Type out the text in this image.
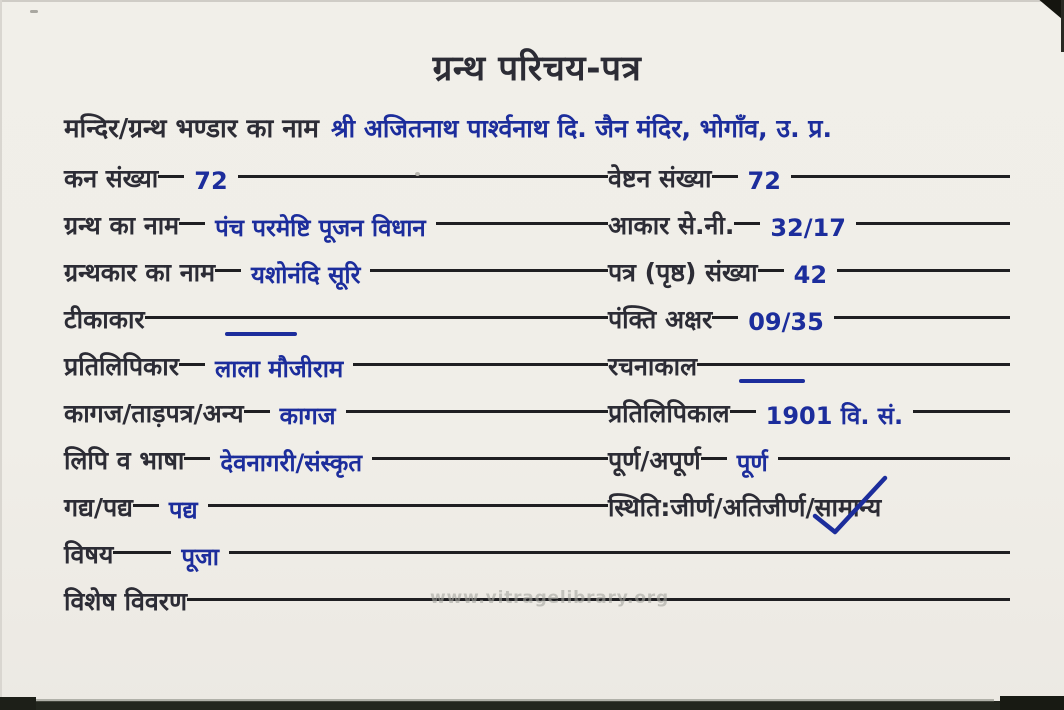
ग्रन्थ परिचय-पत्र
मन्दिर/ग्रन्थ भण्डार का नाम श्री अजितनाथ पार्श्वनाथ दि. जैन मंदिर, भोगाँव, उ. प्र.
कन संख्या 72	वेष्टन संख्या 72
ग्रन्थ का नाम पंच परमेष्टि पूजन विधान	आकार से.नी. 32/17
ग्रन्थकार का नाम यशोनंदि सूरि	पत्र (पृष्ठ) संख्या 42
टीकाकार	पंक्ति अक्षर 09/35
प्रतिलिपिकार लाला मौजीराम	रचनाकाल
कागज/ताड़पत्र/अन्य कागज	प्रतिलिपिकाल 1901 वि. सं.
लिपि व भाषा देवनागरी/संस्कृत	पूर्ण/अपूर्ण पूर्ण
गद्य/पद्य पद्य	स्थिति:जीर्ण/अतिजीर्ण/ सामान्य
विषय	पूजा
विशेष विवरण	www.vitragelibrary.org
